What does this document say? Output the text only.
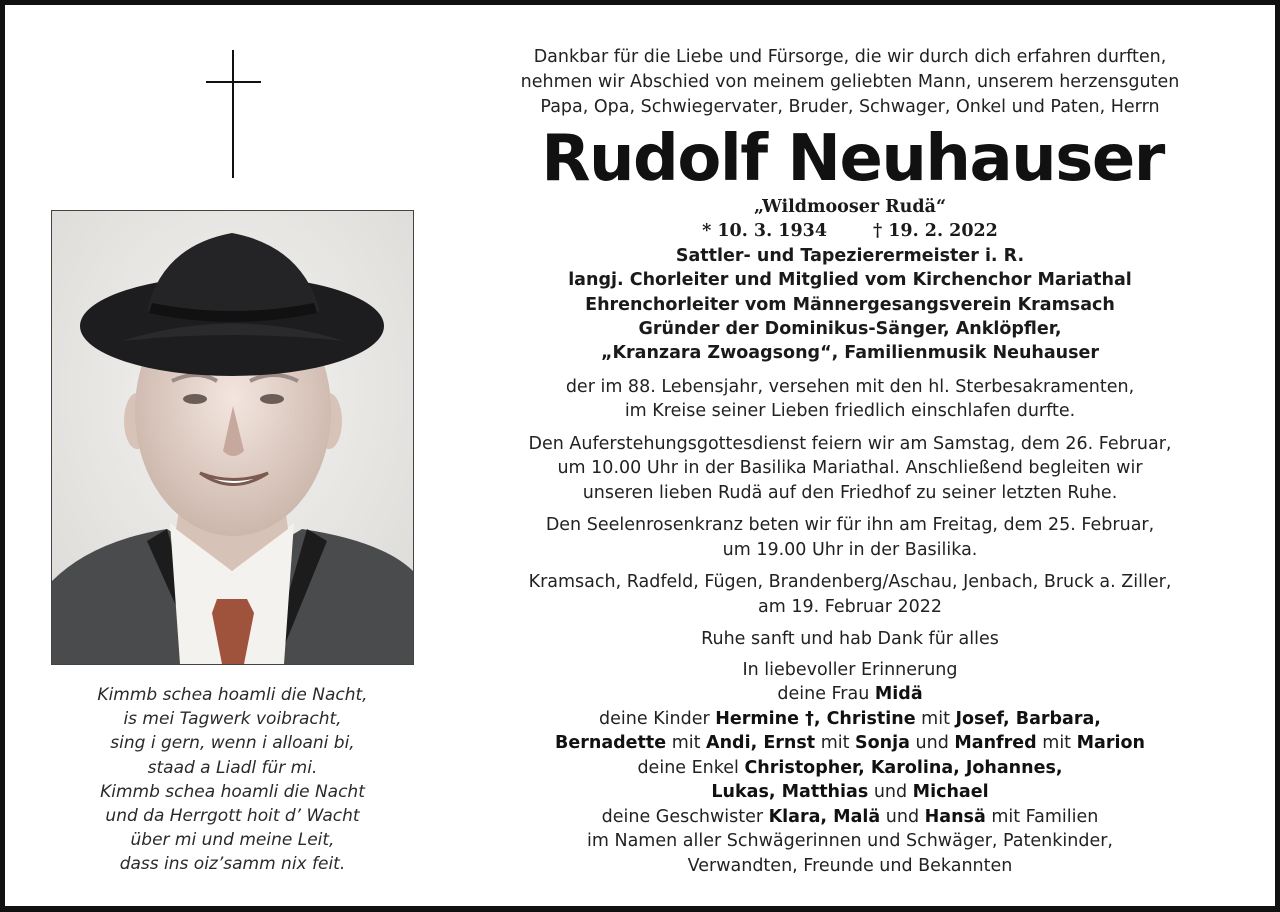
Kimmb schea hoamli die Nacht,
is mei Tagwerk voibracht,
sing i gern, wenn i alloani bi,
staad a Liadl für mi.
Kimmb schea hoamli die Nacht
und da Herrgott hoit d’ Wacht
über mi und meine Leit,
dass ins oiz’samm nix feit.
Dankbar für die Liebe und Fürsorge, die wir durch dich erfahren durften,
nehmen wir Abschied von meinem geliebten Mann, unserem herzensguten
Papa, Opa, Schwiegervater, Bruder, Schwager, Onkel und Paten, Herrn
Rudolf Neuhauser
„Wildmooser Rudä“
* 10. 3. 1934	† 19. 2. 2022
Sattler- und Tapezierermeister i. R.
langj. Chorleiter und Mitglied vom Kirchenchor Mariathal
Ehrenchorleiter vom Männergesangsverein Kramsach
Gründer der Dominikus-Sänger, Anklöpfler,
„Kranzara Zwoagsong“, Familienmusik Neuhauser
der im 88. Lebensjahr, versehen mit den hl. Sterbesakramenten,
im Kreise seiner Lieben friedlich einschlafen durfte.
Den Auferstehungsgottesdienst feiern wir am Samstag, dem 26. Februar,
um 10.00 Uhr in der Basilika Mariathal. Anschließend begleiten wir
unseren lieben Rudä auf den Friedhof zu seiner letzten Ruhe.
Den Seelenrosenkranz beten wir für ihn am Freitag, dem 25. Februar,
um 19.00 Uhr in der Basilika.
Kramsach, Radfeld, Fügen, Brandenberg/Aschau, Jenbach, Bruck a. Ziller,
am 19. Februar 2022
Ruhe sanft und hab Dank für alles
In liebevoller Erinnerung
deine Frau Midä
deine Kinder Hermine †, Christine mit Josef, Barbara,
Bernadette mit Andi, Ernst mit Sonja und Manfred mit Marion
deine Enkel Christopher, Karolina, Johannes,
Lukas, Matthias und Michael
deine Geschwister Klara, Malä und Hansä mit Familien
im Namen aller Schwägerinnen und Schwäger, Patenkinder,
Verwandten, Freunde und Bekannten
